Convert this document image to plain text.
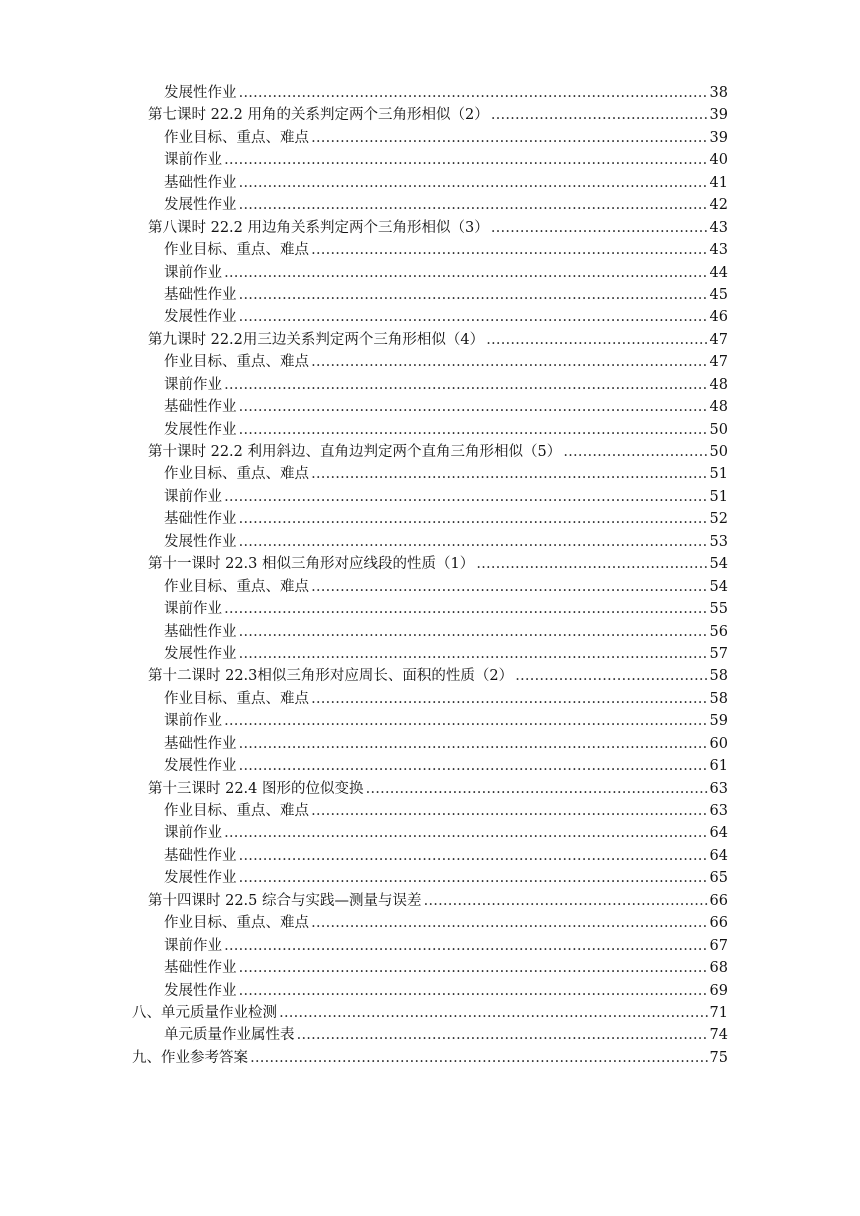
发展性作业 …………………………………………………………………………………………………………………………………………………………………………………………………………………………………………	38
第七课时 22.2 用角的关系判定两个三角形相似（2） …………………………………………………………………………………………………………………………………………………………………………………………………………………………………………	39
作业目标、重点、难点 …………………………………………………………………………………………………………………………………………………………………………………………………………………………………………	39
课前作业 …………………………………………………………………………………………………………………………………………………………………………………………………………………………………………	40
基础性作业 …………………………………………………………………………………………………………………………………………………………………………………………………………………………………………	41
发展性作业 …………………………………………………………………………………………………………………………………………………………………………………………………………………………………………	42
第八课时 22.2 用边角关系判定两个三角形相似（3） …………………………………………………………………………………………………………………………………………………………………………………………………………………………………………	43
作业目标、重点、难点 …………………………………………………………………………………………………………………………………………………………………………………………………………………………………………	43
课前作业 …………………………………………………………………………………………………………………………………………………………………………………………………………………………………………	44
基础性作业 …………………………………………………………………………………………………………………………………………………………………………………………………………………………………………	45
发展性作业 …………………………………………………………………………………………………………………………………………………………………………………………………………………………………………	46
第九课时 22.2用三边关系判定两个三角形相似（4） …………………………………………………………………………………………………………………………………………………………………………………………………………………………………………	47
作业目标、重点、难点 …………………………………………………………………………………………………………………………………………………………………………………………………………………………………………	47
课前作业 …………………………………………………………………………………………………………………………………………………………………………………………………………………………………………	48
基础性作业 …………………………………………………………………………………………………………………………………………………………………………………………………………………………………………	48
发展性作业 …………………………………………………………………………………………………………………………………………………………………………………………………………………………………………	50
第十课时 22.2 利用斜边、直角边判定两个直角三角形相似（5） …………………………………………………………………………………………………………………………………………………………………………………………………………………………………………	50
作业目标、重点、难点 …………………………………………………………………………………………………………………………………………………………………………………………………………………………………………	51
课前作业 …………………………………………………………………………………………………………………………………………………………………………………………………………………………………………	51
基础性作业 …………………………………………………………………………………………………………………………………………………………………………………………………………………………………………	52
发展性作业 …………………………………………………………………………………………………………………………………………………………………………………………………………………………………………	53
第十一课时 22.3 相似三角形对应线段的性质（1） …………………………………………………………………………………………………………………………………………………………………………………………………………………………………………	54
作业目标、重点、难点 …………………………………………………………………………………………………………………………………………………………………………………………………………………………………………	54
课前作业 …………………………………………………………………………………………………………………………………………………………………………………………………………………………………………	55
基础性作业 …………………………………………………………………………………………………………………………………………………………………………………………………………………………………………	56
发展性作业 …………………………………………………………………………………………………………………………………………………………………………………………………………………………………………	57
第十二课时 22.3相似三角形对应周长、面积的性质（2） …………………………………………………………………………………………………………………………………………………………………………………………………………………………………………	58
作业目标、重点、难点 …………………………………………………………………………………………………………………………………………………………………………………………………………………………………………	58
课前作业 …………………………………………………………………………………………………………………………………………………………………………………………………………………………………………	59
基础性作业 …………………………………………………………………………………………………………………………………………………………………………………………………………………………………………	60
发展性作业 …………………………………………………………………………………………………………………………………………………………………………………………………………………………………………	61
第十三课时 22.4 图形的位似变换 …………………………………………………………………………………………………………………………………………………………………………………………………………………………………………	63
作业目标、重点、难点 …………………………………………………………………………………………………………………………………………………………………………………………………………………………………………	63
课前作业 …………………………………………………………………………………………………………………………………………………………………………………………………………………………………………	64
基础性作业 …………………………………………………………………………………………………………………………………………………………………………………………………………………………………………	64
发展性作业 …………………………………………………………………………………………………………………………………………………………………………………………………………………………………………	65
第十四课时 22.5 综合与实践—测量与误差 …………………………………………………………………………………………………………………………………………………………………………………………………………………………………………	66
作业目标、重点、难点 …………………………………………………………………………………………………………………………………………………………………………………………………………………………………………	66
课前作业 …………………………………………………………………………………………………………………………………………………………………………………………………………………………………………	67
基础性作业 …………………………………………………………………………………………………………………………………………………………………………………………………………………………………………	68
发展性作业 …………………………………………………………………………………………………………………………………………………………………………………………………………………………………………	69
八、单元质量作业检测 …………………………………………………………………………………………………………………………………………………………………………………………………………………………………………	71
单元质量作业属性表 …………………………………………………………………………………………………………………………………………………………………………………………………………………………………………	74
九、作业参考答案 …………………………………………………………………………………………………………………………………………………………………………………………………………………………………………	75
